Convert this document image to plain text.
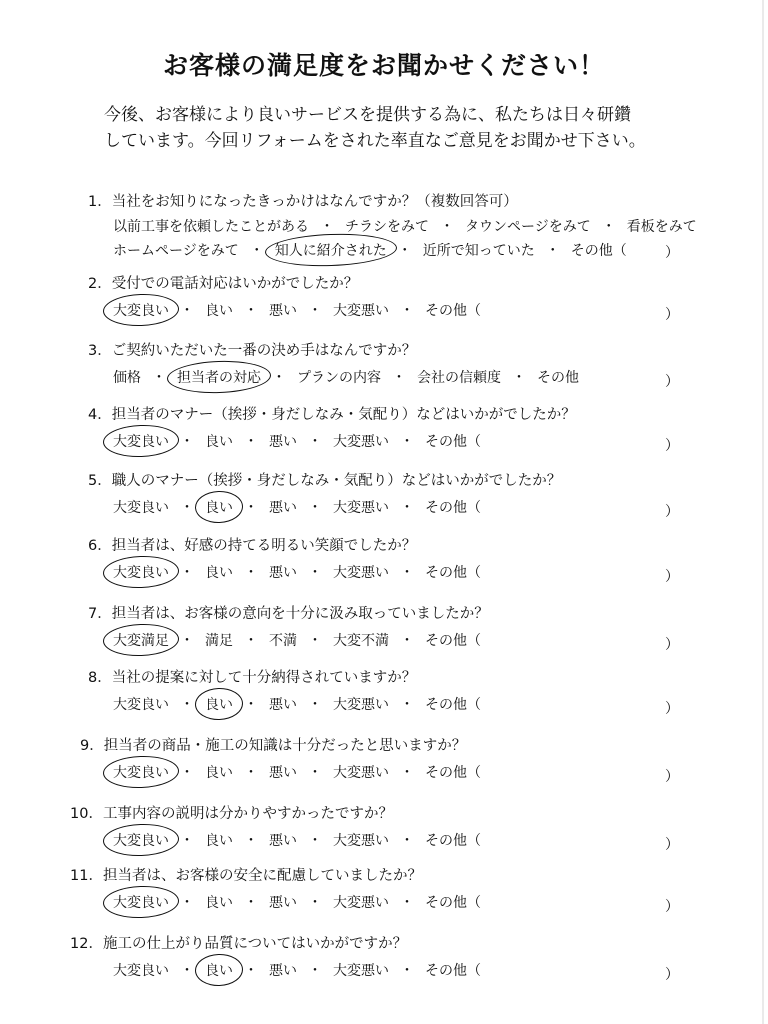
お客様の満足度をお聞かせください！
今後、お客様により良いサービスを提供する為に、私たちは日々研鑽
しています。今回リフォームをされた率直なご意見をお聞かせ下さい。
1．当社をお知りになったきっかけはなんですか？（複数回答可）
以前工事を依頼したことがある ・ チラシをみて ・ タウンページをみて ・ 看板をみて
ホームページをみて ・ 知人に紹介された ・ 近所で知っていた ・ その他（	）
2．受付での電話対応はいかがでしたか？
大変良い ・ 良い ・ 悪い ・ 大変悪い ・ その他（	）
3．ご契約いただいた一番の決め手はなんですか？
価格 ・ 担当者の対応 ・ プランの内容 ・ 会社の信頼度 ・ その他	）
4．担当者のマナー（挨拶・身だしなみ・気配り）などはいかがでしたか？
大変良い ・ 良い ・ 悪い ・ 大変悪い ・ その他（	）
5．職人のマナー（挨拶・身だしなみ・気配り）などはいかがでしたか？
大変良い ・ 良い ・ 悪い ・ 大変悪い ・ その他（	）
6．担当者は、好感の持てる明るい笑顔でしたか？
大変良い ・ 良い ・ 悪い ・ 大変悪い ・ その他（	）
7．担当者は、お客様の意向を十分に汲み取っていましたか？
大変満足 ・ 満足 ・ 不満 ・ 大変不満 ・ その他（	）
8．当社の提案に対して十分納得されていますか？
大変良い ・ 良い ・ 悪い ・ 大変悪い ・ その他（	）
9．担当者の商品・施工の知識は十分だったと思いますか？
大変良い ・ 良い ・ 悪い ・ 大変悪い ・ その他（	）
10．工事内容の説明は分かりやすかったですか？
大変良い ・ 良い ・ 悪い ・ 大変悪い ・ その他（	）
11．担当者は、お客様の安全に配慮していましたか？
大変良い ・ 良い ・ 悪い ・ 大変悪い ・ その他（	）
12．施工の仕上がり品質についてはいかがですか？
大変良い ・ 良い ・ 悪い ・ 大変悪い ・ その他（	）
